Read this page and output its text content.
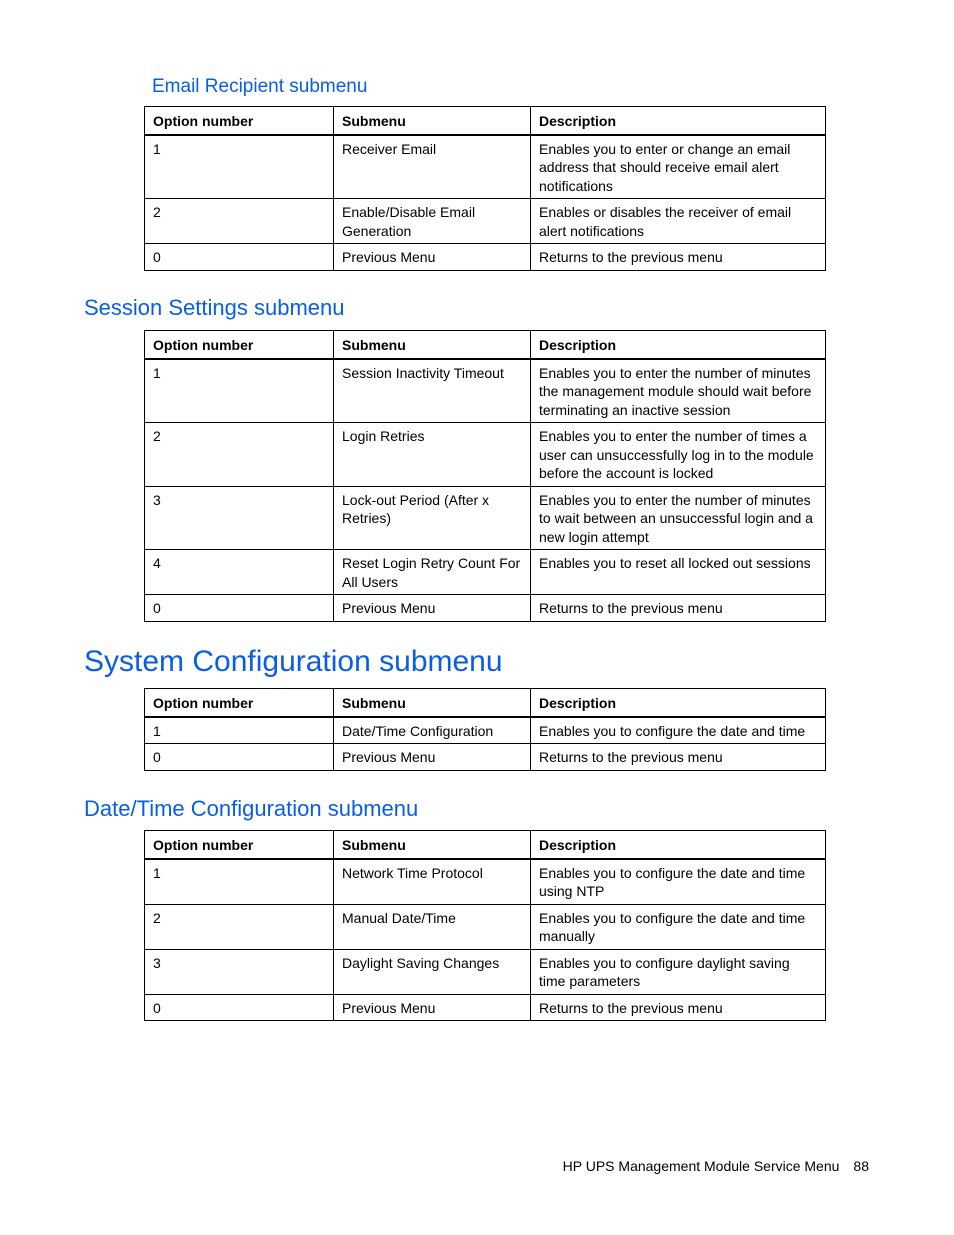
Email Recipient submenu
Option number	Submenu	Description
1	Receiver Email	Enables you to enter or change an email address that should receive email alert notifications
2	Enable/Disable Email Generation	Enables or disables the receiver of email alert notifications
0	Previous Menu	Returns to the previous menu
Session Settings submenu
Option number	Submenu	Description
1	Session Inactivity Timeout	Enables you to enter the number of minutes the management module should wait before terminating an inactive session
2	Login Retries	Enables you to enter the number of times a user can unsuccessfully log in to the module before the account is locked
3	Lock-out Period (After x Retries)	Enables you to enter the number of minutes to wait between an unsuccessful login and a new login attempt
4	Reset Login Retry Count For All Users	Enables you to reset all locked out sessions
0	Previous Menu	Returns to the previous menu
System Configuration submenu
Option number	Submenu	Description
1	Date/Time Configuration	Enables you to configure the date and time
0	Previous Menu	Returns to the previous menu
Date/Time Configuration submenu
Option number	Submenu	Description
1	Network Time Protocol	Enables you to configure the date and time using NTP
2	Manual Date/Time	Enables you to configure the date and time manually
3	Daylight Saving Changes	Enables you to configure daylight saving time parameters
0	Previous Menu	Returns to the previous menu
HP UPS Management Module Service Menu 88
